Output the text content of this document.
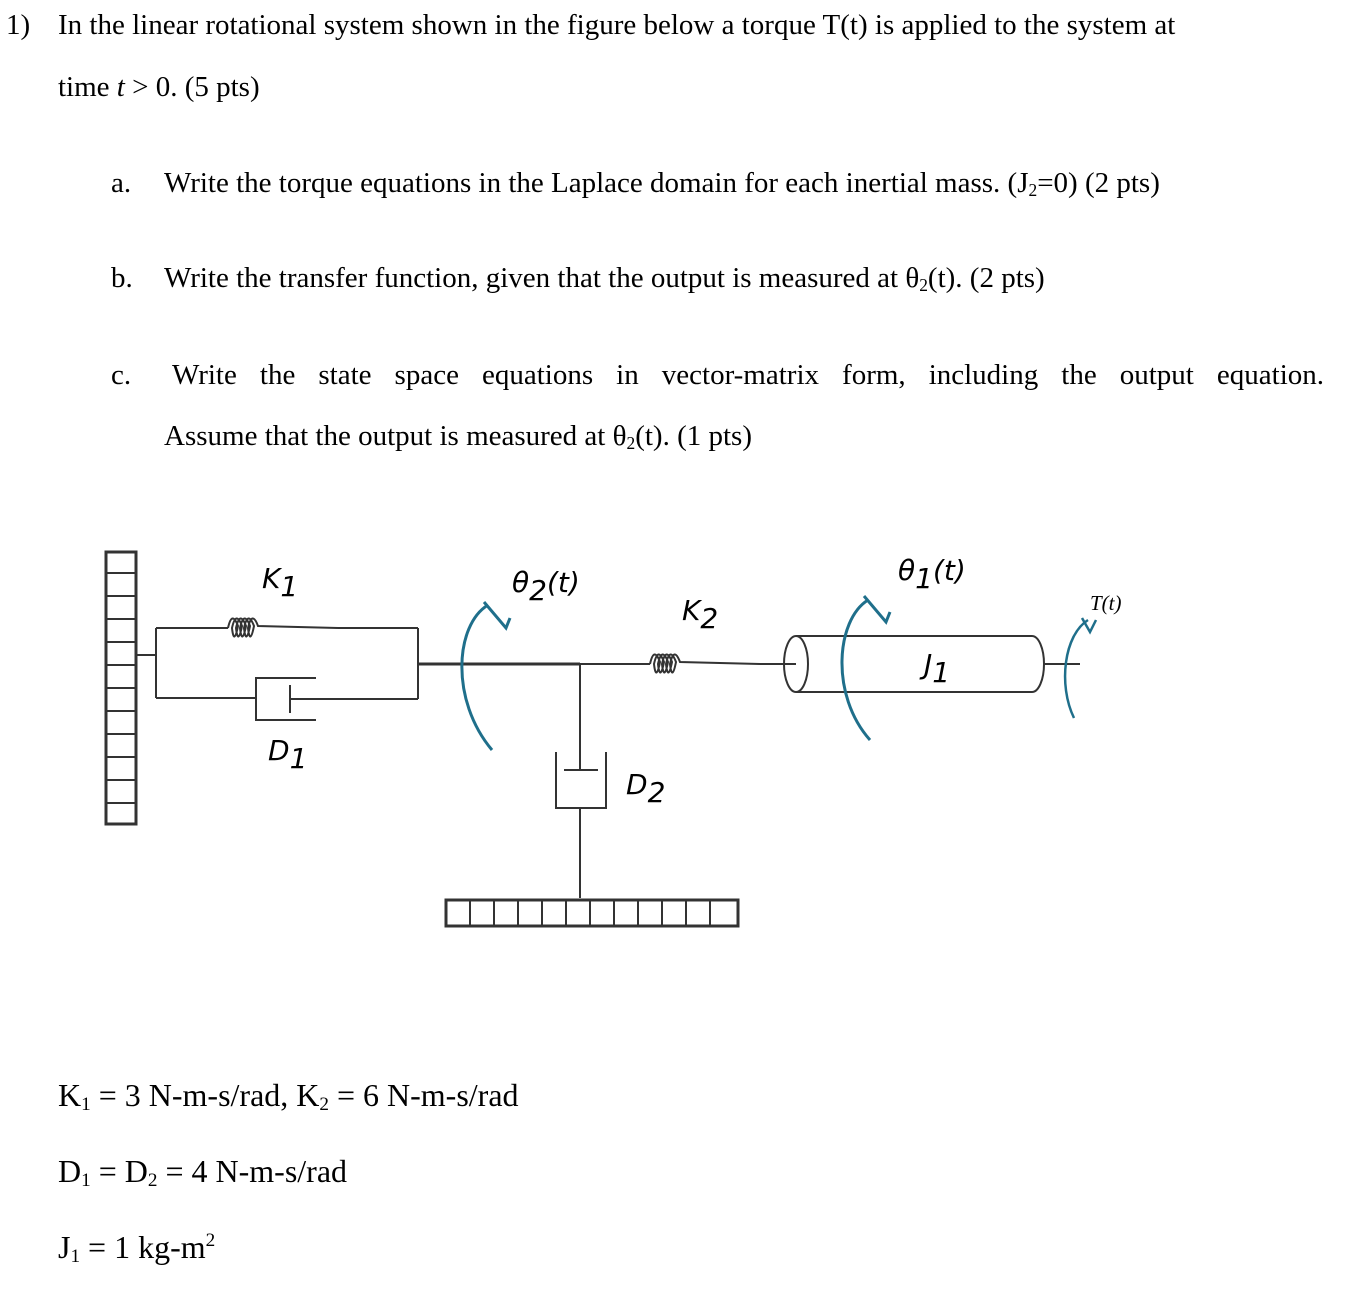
1) In the linear rotational system shown in the figure below a torque T(t) is applied to the system at
time t > 0. (5 pts)
a. Write the torque equations in the Laplace domain for each inertial mass. $(J_2=0)$ (2 pts)
b. Write the transfer function, given that the output is measured at $\theta_2(t)$. (2 pts)
c. Write the state space equations in vector-matrix form, including the output equation.
Assume that the output is measured at $\theta_2(t)$. (1 pts)
K1
D1
θ2(t)
K2
D2
θ1(t)
J1
T(t)
$K_1 = 3$ N-m-s/rad, $K_2 = 6$ N-m-s/rad
$D_1 = D_2 = 4$ N-m-s/rad
$J_1 = 1$ $kg-m^2$
